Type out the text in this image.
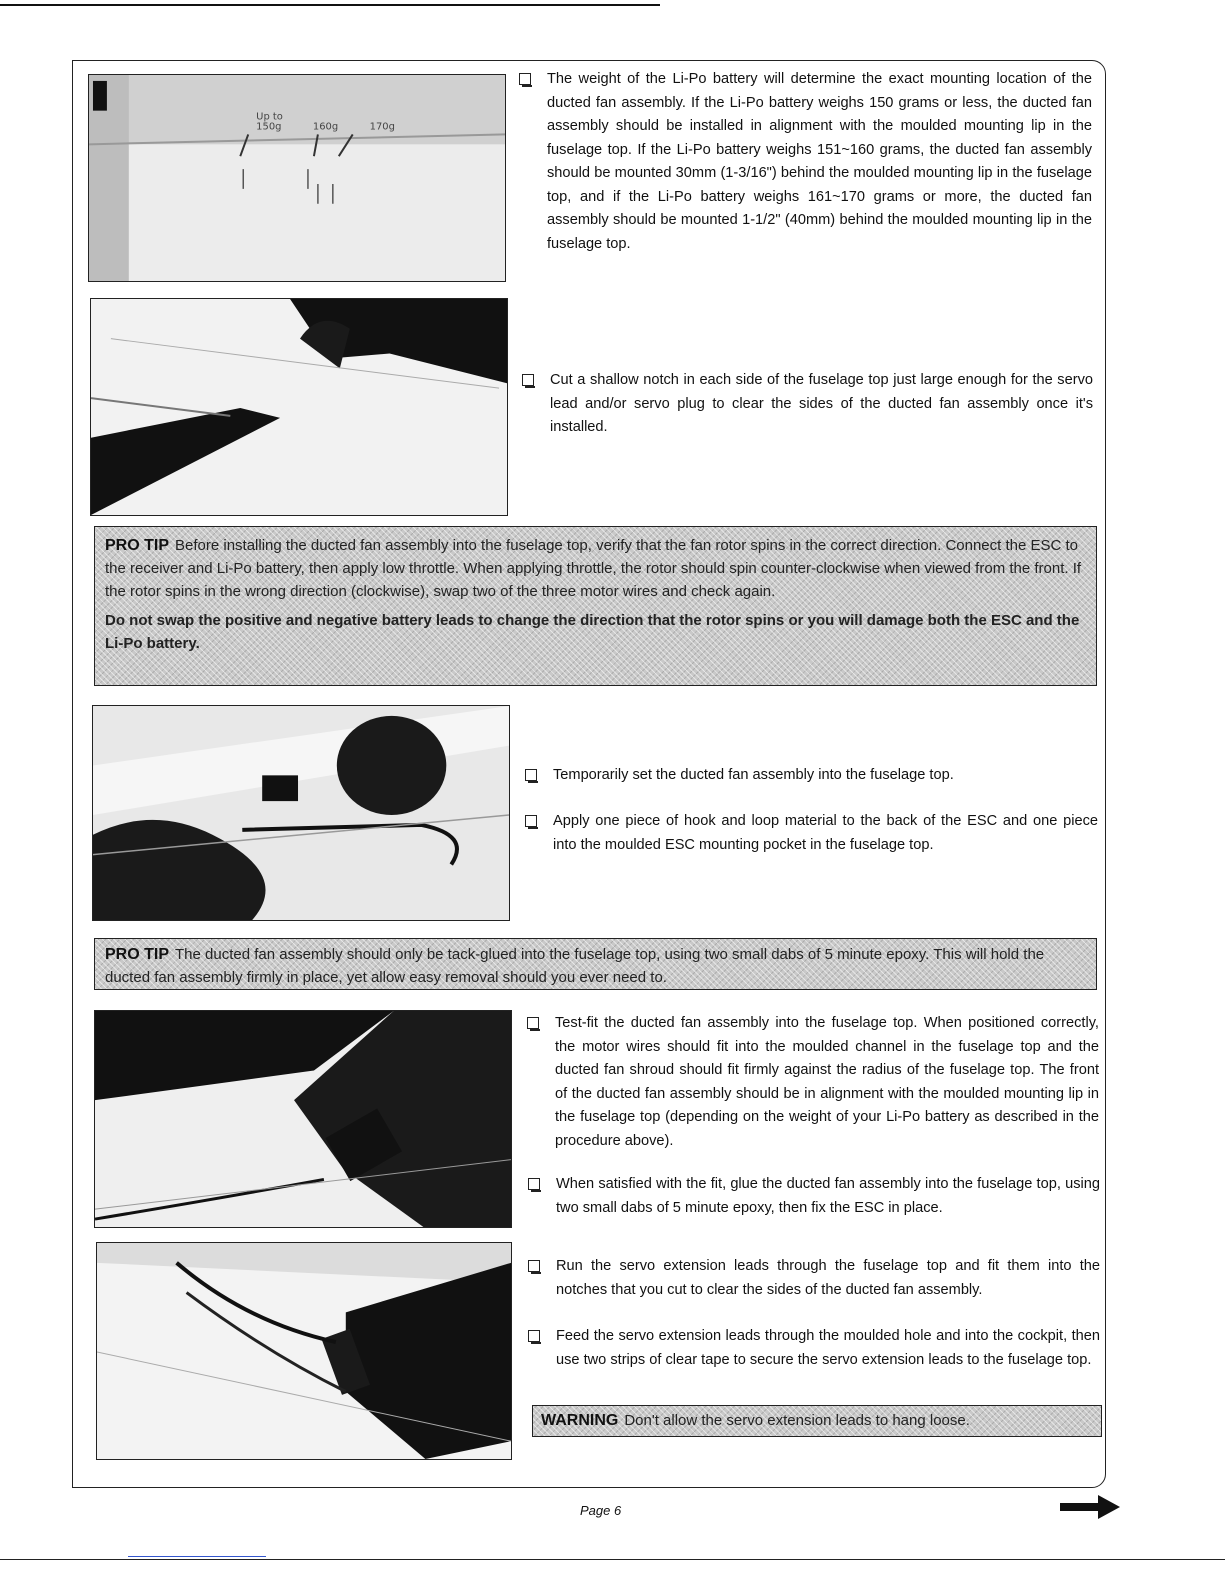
Up to
150g	160g	170g
The weight of the Li-Po battery will determine the exact mounting location of the ducted fan assembly. If the Li-Po battery weighs 150 grams or less, the ducted fan assembly should be installed in alignment with the moulded mounting lip in the fuselage top. If the Li-Po battery weighs 151~160 grams, the ducted fan assembly should be mounted 30mm (1-3/16") behind the moulded mounting lip in the fuselage top, and if the Li-Po battery weighs 161~170 grams or more, the ducted fan assembly should be mounted 1-1/2" (40mm) behind the moulded mounting lip in the fuselage top.
Cut a shallow notch in each side of the fuselage top just large enough for the servo lead and/or servo plug to clear the sides of the ducted fan assembly once it's installed.

PRO TIP Before installing the ducted fan assembly into the fuselage top, verify that the fan rotor spins in the correct direction. Connect the ESC to the receiver and Li-Po battery, then apply low throttle. When applying throttle, the rotor should spin counter-clockwise when viewed from the front. If the rotor spins in the wrong direction (clockwise), swap two of the three motor wires and check again.

Do not swap the positive and negative battery leads to change the direction that the rotor spins or you will damage both the ESC and the Li-Po battery.

Temporarily set the ducted fan assembly into the fuselage top.
Apply one piece of hook and loop material to the back of the ESC and one piece into the moulded ESC mounting pocket in the fuselage top.

PRO TIP The ducted fan assembly should only be tack-glued into the fuselage top, using two small dabs of 5 minute epoxy. This will hold the ducted fan assembly firmly in place, yet allow easy removal should you ever need to.

Test-fit the ducted fan assembly into the fuselage top. When positioned correctly, the motor wires should fit into the moulded channel in the fuselage top and the ducted fan shroud should fit firmly against the radius of the fuselage top. The front of the ducted fan assembly should be in alignment with the moulded mounting lip in the fuselage top (depending on the weight of your Li-Po battery as described in the procedure above).
When satisfied with the fit, glue the ducted fan assembly into the fuselage top, using two small dabs of 5 minute epoxy, then fix the ESC in place.
Run the servo extension leads through the fuselage top and fit them into the notches that you cut to clear the sides of the ducted fan assembly.
Feed the servo extension leads through the moulded hole and into the cockpit, then use two strips of clear tape to secure the servo extension leads to the fuselage top.

WARNING Don't allow the servo extension leads to hang loose.

Page 6
